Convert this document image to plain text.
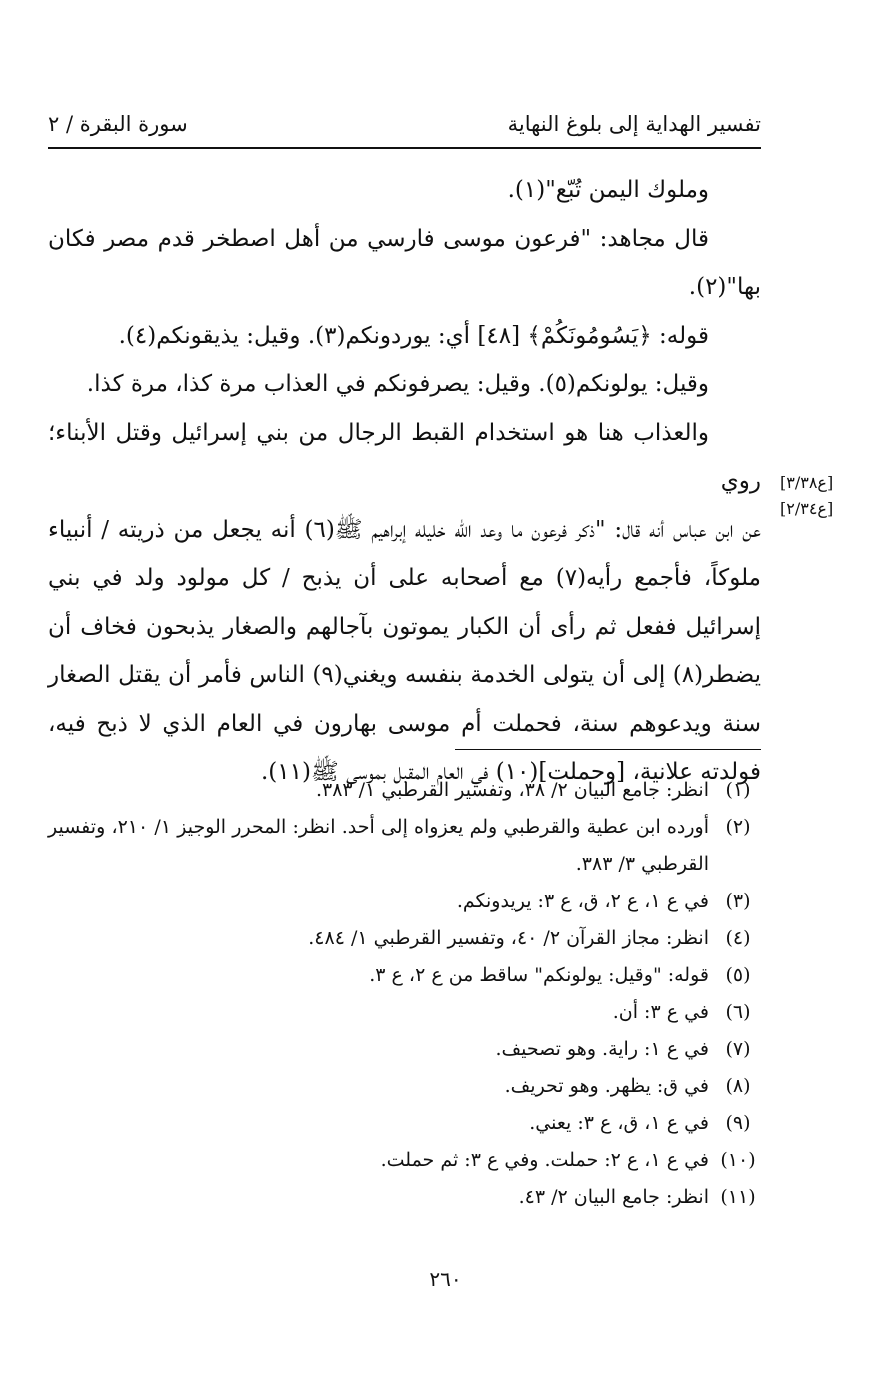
تفسير الهداية إلى بلوغ النهاية
سورة البقرة / ٢

وملوك اليمن تُبّع"(١).

قال مجاهد: "فرعون موسى فارسي من أهل اصطخر قدم مصر فكان بها"(٢).

قوله: ﴿يَسُومُونَكُمْ﴾ [٤٨] أي: يوردونكم(٣). وقيل: يذيقونكم(٤).

وقيل: يولونكم(٥). وقيل: يصرفونكم في العذاب مرة كذا، مرة كذا.

والعذاب هنا هو استخدام القبط الرجال من بني إسرائيل وقتل الأبناء؛ روي

عن ابن عباس أنه قال: "ذكر فرعون ما وعد الله خليله إبراهيم ﷺ(٦) أنه يجعل من ذريته / أنبياء ملوكاً، فأجمع رأيه(٧) مع أصحابه على أن يذبح / كل مولود ولد في بني إسرائيل ففعل ثم رأى أن الكبار يموتون بآجالهم والصغار يذبحون فخاف أن يضطر(٨) إلى أن يتولى الخدمة بنفسه ويغني(٩) الناس فأمر أن يقتل الصغار سنة ويدعوهم سنة، فحملت أم موسى بهارون في العام الذي لا ذبح فيه، فولدته علانية، [وحملت](١٠) في العام المقبل بموسى ﷺ(١١).

[ع٣/٣٨]
[ع٢/٣٤]
(١)
انظر: جامع البيان ٢/ ٣٨، وتفسير القرطبي ١/ ٣٨٣.
(٢)
أورده ابن عطية والقرطبي ولم يعزواه إلى أحد. انظر: المحرر الوجيز ١/ ٢١٠، وتفسير القرطبي ٣/ ٣٨٣.
(٣)
في ع ١، ع ٢، ق، ع ٣: يريدونكم.
(٤)
انظر: مجاز القرآن ٢/ ٤٠، وتفسير القرطبي ١/ ٤٨٤.
(٥)
قوله: "وقيل: يولونكم" ساقط من ع ٢، ع ٣.
(٦)
في ع ٣: أن.
(٧)
في ع ١: راية. وهو تصحيف.
(٨)
في ق: يظهر. وهو تحريف.
(٩)
في ع ١، ق، ع ٣: يعني.
(١٠)
في ع ١، ع ٢: حملت. وفي ع ٣: ثم حملت.
(١١)
انظر: جامع البيان ٢/ ٤٣.
٢٦٠
